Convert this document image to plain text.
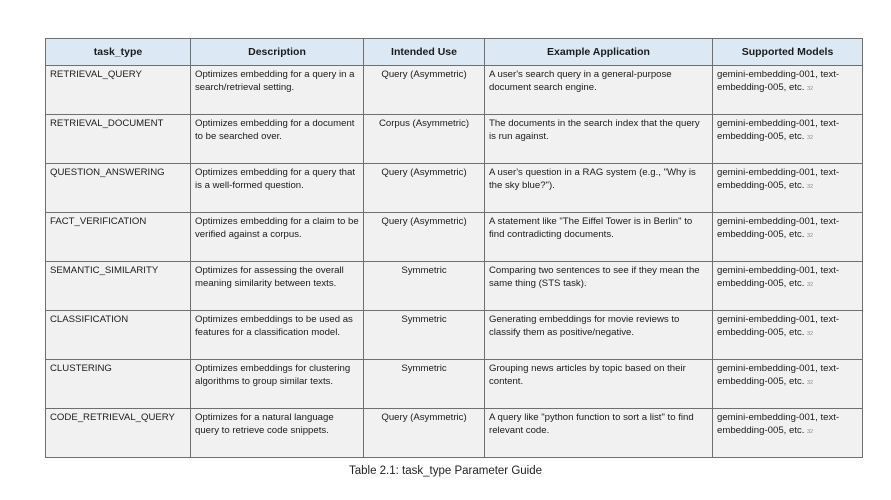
task_type	Description	Intended Use	Example Application	Supported Models
RETRIEVAL_QUERY	Optimizes embedding for a query in a search/retrieval setting.	Query (Asymmetric)	A user's search query in a general-purpose document search engine.	gemini-embedding-001, text-embedding-005, etc. 32

RETRIEVAL_DOCUMENT	Optimizes embedding for a document to be searched over.	Corpus (Asymmetric)	The documents in the search index that the query is run against.	gemini-embedding-001, text-embedding-005, etc. 32

QUESTION_ANSWERING	Optimizes embedding for a query that is a well-formed question.	Query (Asymmetric)	A user's question in a RAG system (e.g., "Why is the sky blue?").	gemini-embedding-001, text-embedding-005, etc. 32

FACT_VERIFICATION	Optimizes embedding for a claim to be verified against a corpus.	Query (Asymmetric)	A statement like "The Eiffel Tower is in Berlin" to find contradicting documents.	gemini-embedding-001, text-embedding-005, etc. 32

SEMANTIC_SIMILARITY	Optimizes for assessing the overall meaning similarity between texts.	Symmetric	Comparing two sentences to see if they mean the same thing (STS task).	gemini-embedding-001, text-embedding-005, etc. 32

CLASSIFICATION	Optimizes embeddings to be used as features for a classification model.	Symmetric	Generating embeddings for movie reviews to classify them as positive/negative.	gemini-embedding-001, text-embedding-005, etc. 32

CLUSTERING	Optimizes embeddings for clustering algorithms to group similar texts.	Symmetric	Grouping news articles by topic based on their content.	gemini-embedding-001, text-embedding-005, etc. 32

CODE_RETRIEVAL_QUERY	Optimizes for a natural language query to retrieve code snippets.	Query (Asymmetric)	A query like "python function to sort a list" to find relevant code.	gemini-embedding-001, text-embedding-005, etc. 32
Table 2.1: task_type Parameter Guide
